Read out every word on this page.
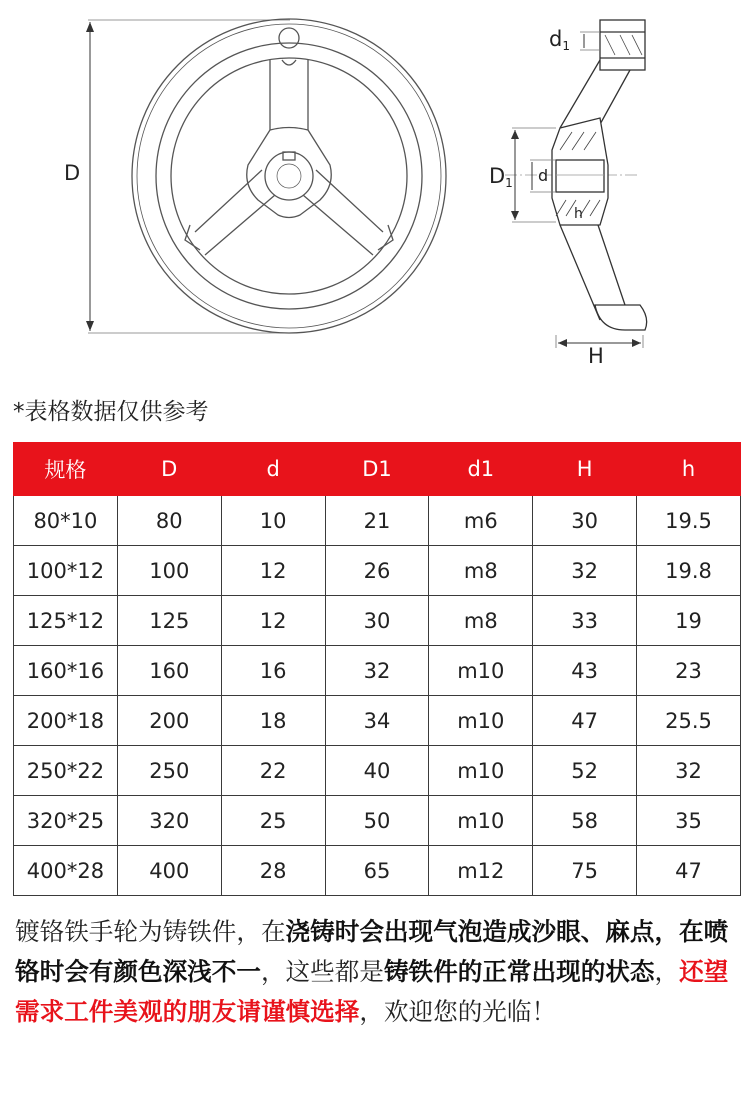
D
d1
D1 d
h
H
*表格数据仅供参考
规格	D	d	D1	d1	H	h
80*10	80	10	21	m6	30	19.5
100*12	100	12	26	m8	32	19.8
125*12	125	12	30	m8	33	19
160*16	160	16	32	m10	43	23
200*18	200	18	34	m10	47	25.5
250*22	250	22	40	m10	52	32
320*25	320	25	50	m10	58	35
400*28	400	28	65	m12	75	47

镀铬铁手轮为铸铁件，在浇铸时会出现气泡造成沙眼、麻点，在喷铬时会有颜色深浅不一，这些都是铸铁件的正常出现的状态，还望需求工件美观的朋友请谨慎选择，欢迎您的光临！
